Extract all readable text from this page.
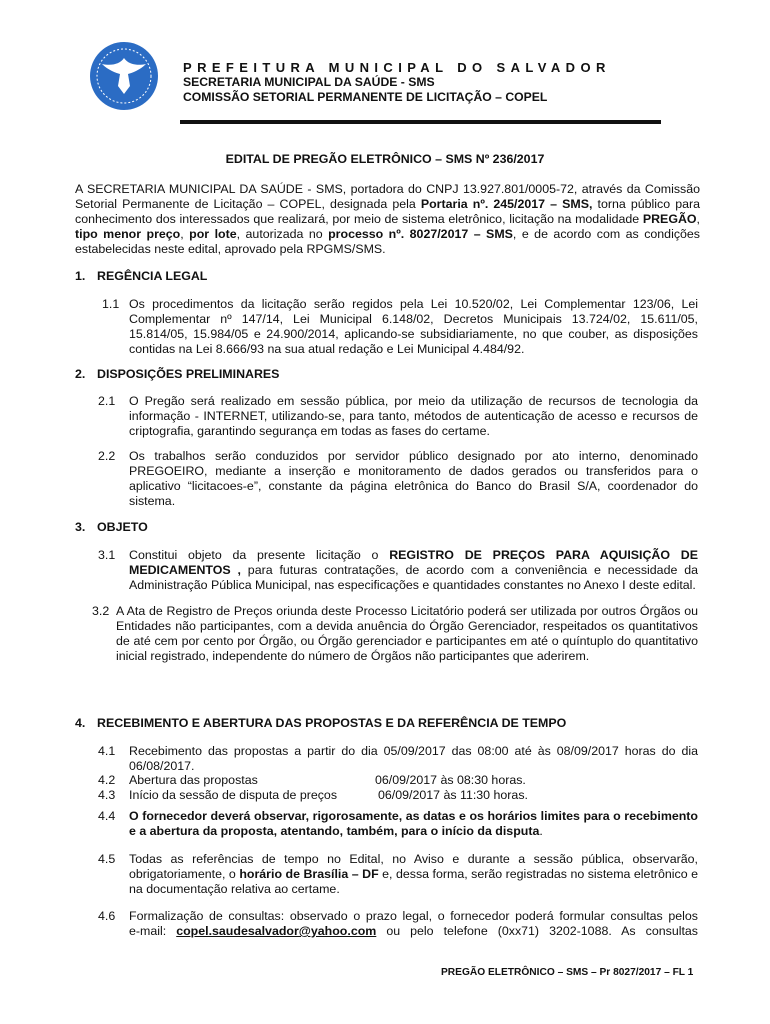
PREFEITURA MUNICIPAL DO SALVADOR
SECRETARIA MUNICIPAL DA SAÚDE - SMS
COMISSÃO SETORIAL PERMANENTE DE LICITAÇÃO – COPEL
EDITAL DE PREGÃO ELETRÔNICO – SMS Nº 236/2017
A SECRETARIA MUNICIPAL DA SAÚDE - SMS, portadora do CNPJ 13.927.801/0005-72, através da Comissão Setorial Permanente de Licitação – COPEL, designada pela Portaria nº. 245/2017 – SMS, torna público para conhecimento dos interessados que realizará, por meio de sistema eletrônico, licitação na modalidade PREGÃO, tipo menor preço, por lote, autorizada no processo nº. 8027/2017 – SMS, e de acordo com as condições estabelecidas neste edital, aprovado pela RPGMS/SMS.
1. REGÊNCIA LEGAL
1.1 Os procedimentos da licitação serão regidos pela Lei 10.520/02, Lei Complementar 123/06, Lei Complementar nº 147/14, Lei Municipal 6.148/02, Decretos Municipais 13.724/02, 15.611/05, 15.814/05, 15.984/05 e 24.900/2014, aplicando-se subsidiariamente, no que couber, as disposições contidas na Lei 8.666/93 na sua atual redação e Lei Municipal 4.484/92.
2. DISPOSIÇÕES PRELIMINARES
2.1 O Pregão será realizado em sessão pública, por meio da utilização de recursos de tecnologia da informação - INTERNET, utilizando-se, para tanto, métodos de autenticação de acesso e recursos de criptografia, garantindo segurança em todas as fases do certame.
2.2 Os trabalhos serão conduzidos por servidor público designado por ato interno, denominado PREGOEIRO, mediante a inserção e monitoramento de dados gerados ou transferidos para o aplicativo “licitacoes-e”, constante da página eletrônica do Banco do Brasil S/A, coordenador do sistema.
3. OBJETO
3.1 Constitui objeto da presente licitação o REGISTRO DE PREÇOS PARA AQUISIÇÃO DE MEDICAMENTOS , para futuras contratações, de acordo com a conveniência e necessidade da Administração Pública Municipal, nas especificações e quantidades constantes no Anexo I deste edital.
3.2 A Ata de Registro de Preços oriunda deste Processo Licitatório poderá ser utilizada por outros Órgãos ou Entidades não participantes, com a devida anuência do Órgão Gerenciador, respeitados os quantitativos de até cem por cento por Órgão, ou Órgão gerenciador e participantes em até o quíntuplo do quantitativo inicial registrado, independente do número de Órgãos não participantes que aderirem.
4. RECEBIMENTO E ABERTURA DAS PROPOSTAS E DA REFERÊNCIA DE TEMPO
4.1 Recebimento das propostas a partir do dia 05/09/2017 das 08:00 até às 08/09/2017 horas do dia 06/08/2017.
4.2 Abertura das propostas	06/09/2017 às 08:30 horas.
4.3 Início da sessão de disputa de preços	06/09/2017 às 11:30 horas.
4.4 O fornecedor deverá observar, rigorosamente, as datas e os horários limites para o recebimento e a abertura da proposta, atentando, também, para o início da disputa.
4.5 Todas as referências de tempo no Edital, no Aviso e durante a sessão pública, observarão, obrigatoriamente, o horário de Brasília – DF e, dessa forma, serão registradas no sistema eletrônico e na documentação relativa ao certame.
4.6 Formalização de consultas: observado o prazo legal, o fornecedor poderá formular consultas pelos
e-mail: copel.saudesalvador@yahoo.com ou pelo telefone (0xx71) 3202-1088. As consultas
PREGÃO ELETRÔNICO – SMS – Pr 8027/2017 – FL 1
